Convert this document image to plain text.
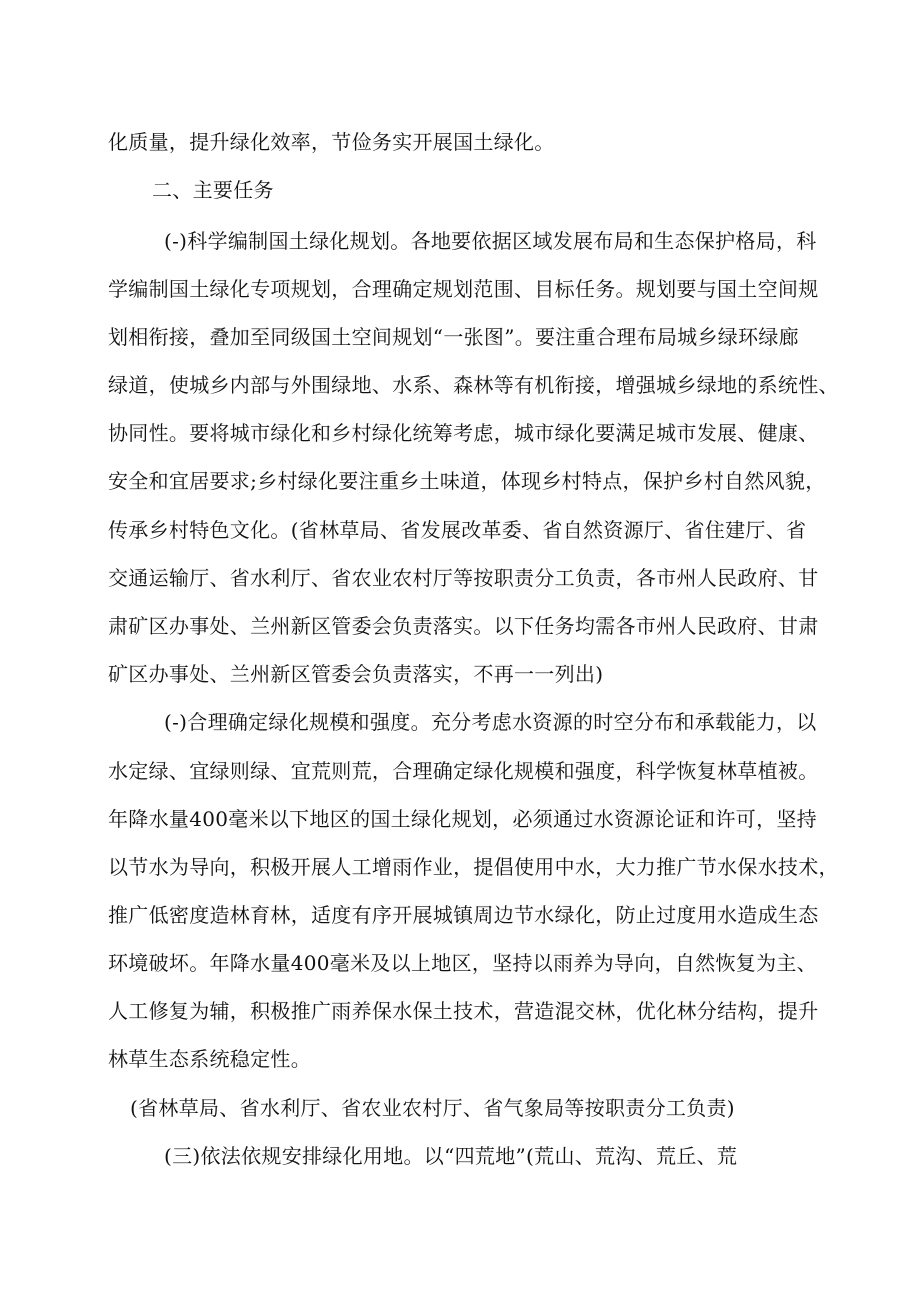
化质量，提升绿化效率，节俭务实开展国土绿化。
二、主要任务
(-)科学编制国土绿化规划。各地要依据区域发展布局和生态保护格局，科
学编制国土绿化专项规划，合理确定规划范围、目标任务。规划要与国土空间规
划相衔接，叠加至同级国土空间规划“一张图”。要注重合理布局城乡绿环绿廊
绿道，使城乡内部与外围绿地、水系、森林等有机衔接，增强城乡绿地的系统性、
协同性。要将城市绿化和乡村绿化统筹考虑，城市绿化要满足城市发展、健康、
安全和宜居要求;乡村绿化要注重乡土味道，体现乡村特点，保护乡村自然风貌，
传承乡村特色文化。(省林草局、省发展改革委、省自然资源厅、省住建厅、省
交通运输厅、省水利厅、省农业农村厅等按职责分工负责，各市州人民政府、甘
肃矿区办事处、兰州新区管委会负责落实。以下任务均需各市州人民政府、甘肃
矿区办事处、兰州新区管委会负责落实，不再一一列出)
(-)合理确定绿化规模和强度。充分考虑水资源的时空分布和承载能力，以
水定绿、宜绿则绿、宜荒则荒，合理确定绿化规模和强度，科学恢复林草植被。
年降水量400毫米以下地区的国土绿化规划，必须通过水资源论证和许可，坚持
以节水为导向，积极开展人工增雨作业，提倡使用中水，大力推广节水保水技术，
推广低密度造林育林，适度有序开展城镇周边节水绿化，防止过度用水造成生态
环境破坏。年降水量400毫米及以上地区，坚持以雨养为导向，自然恢复为主、
人工修复为辅，积极推广雨养保水保土技术，营造混交林，优化林分结构，提升
林草生态系统稳定性。
(省林草局、省水利厅、省农业农村厅、省气象局等按职责分工负责)
(三)依法依规安排绿化用地。以“四荒地”(荒山、荒沟、荒丘、荒
